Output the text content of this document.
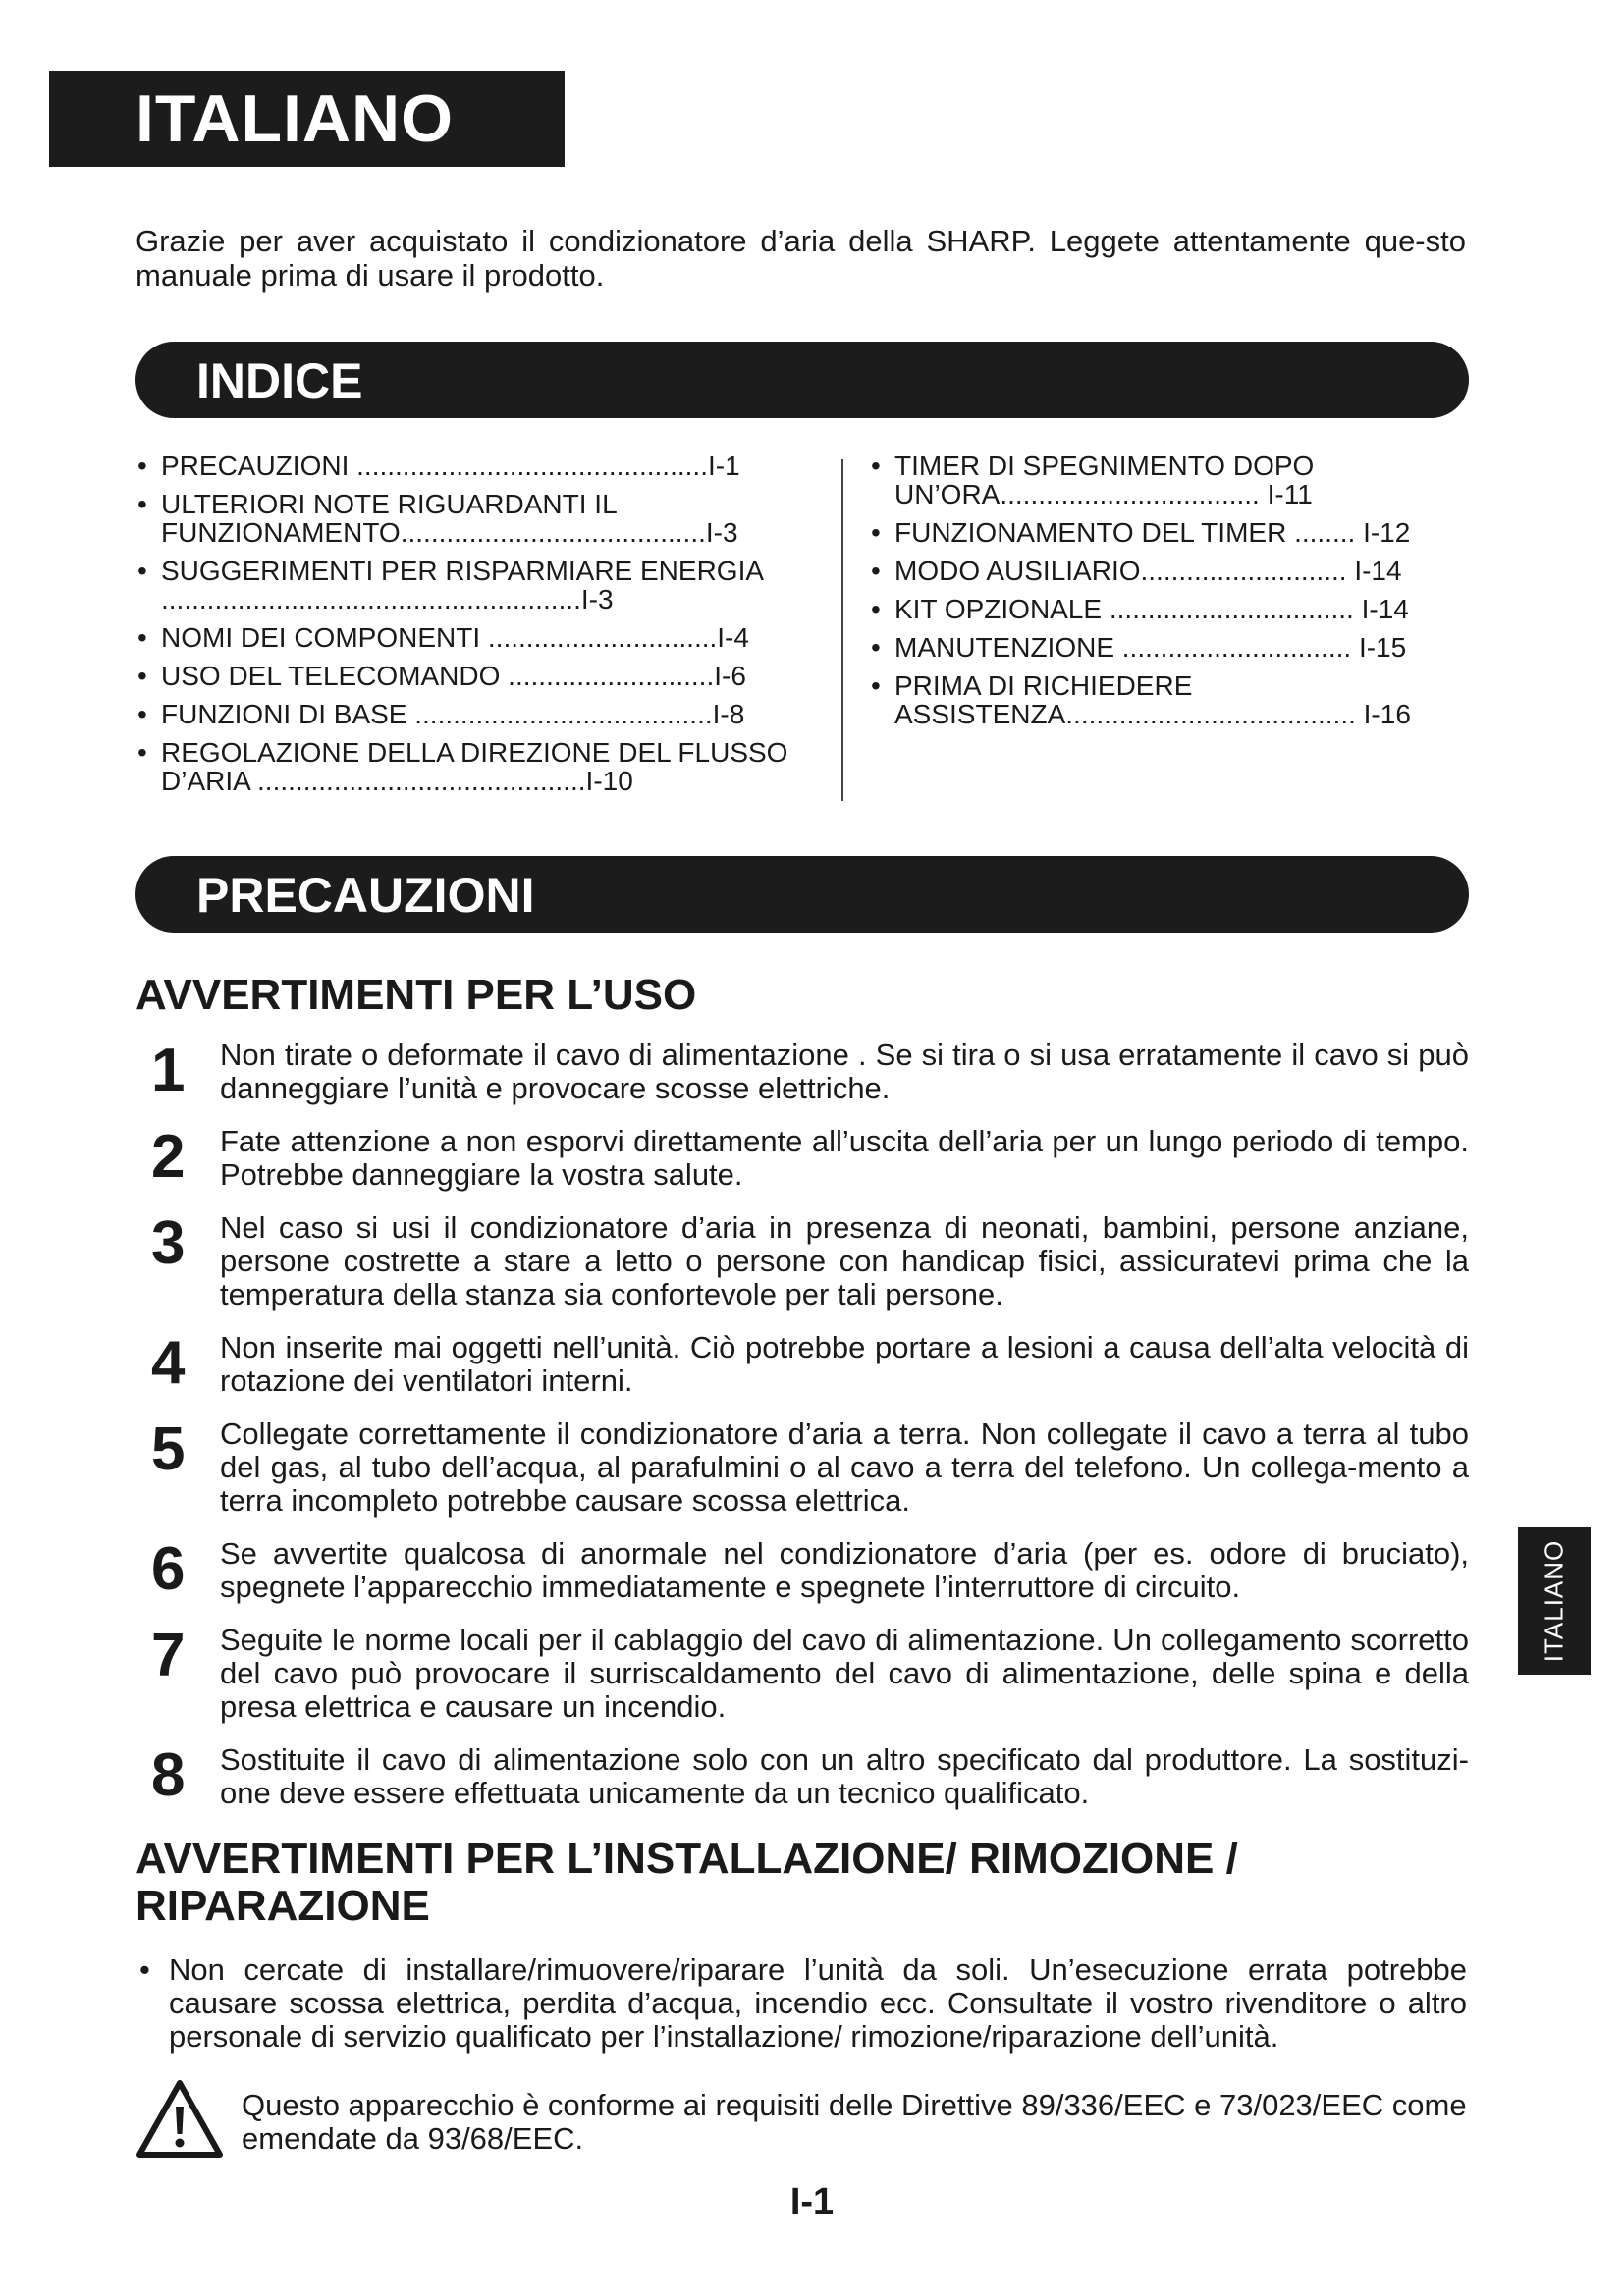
ITALIANO

Grazie per aver acquistato il condizionatore d’aria della SHARP. Leggete attentamente que-sto manuale prima di usare il prodotto.

INDICE
• PRECAUZIONI ..............................................I-1
• ULTERIORI NOTE RIGUARDANTI IL FUNZIONAMENTO........................................I-3
• SUGGERIMENTI PER RISPARMIARE ENERGIA .......................................................I-3
• NOMI DEI COMPONENTI ..............................I-4
• USO DEL TELECOMANDO ...........................I-6
• FUNZIONI DI BASE .......................................I-8
• REGOLAZIONE DELLA DIREZIONE DEL FLUSSO D’ARIA ...........................................I-10
• TIMER DI SPEGNIMENTO DOPO UN’ORA.................................. I-11
• FUNZIONAMENTO DEL TIMER ........ I-12
• MODO AUSILIARIO........................... I-14
• KIT OPZIONALE ................................ I-14
• MANUTENZIONE .............................. I-15
• PRIMA DI RICHIEDERE ASSISTENZA...................................... I-16
PRECAUZIONI
AVVERTIMENTI PER L’USO
1 Non tirate o deformate il cavo di alimentazione . Se si tira o si usa erratamente il cavo si può danneggiare l’unità e provocare scosse elettriche.
2 Fate attenzione a non esporvi direttamente all’uscita dell’aria per un lungo periodo di tempo. Potrebbe danneggiare la vostra salute.
3 Nel caso si usi il condizionatore d’aria in presenza di neonati, bambini, persone anziane, persone costrette a stare a letto o persone con handicap fisici, assicuratevi prima che la temperatura della stanza sia confortevole per tali persone.
4 Non inserite mai oggetti nell’unità. Ciò potrebbe portare a lesioni a causa dell’alta velocità di rotazione dei ventilatori interni.
5 Collegate correttamente il condizionatore d’aria a terra. Non collegate il cavo a terra al tubo del gas, al tubo dell’acqua, al parafulmini o al cavo a terra del telefono. Un collega-mento a terra incompleto potrebbe causare scossa elettrica.
6 Se avvertite qualcosa di anormale nel condizionatore d’aria (per es. odore di bruciato), spegnete l’apparecchio immediatamente e spegnete l’interruttore di circuito.
7 Seguite le norme locali per il cablaggio del cavo di alimentazione. Un collegamento scorretto del cavo può provocare il surriscaldamento del cavo di alimentazione, delle spina e della presa elettrica e causare un incendio.
8 Sostituite il cavo di alimentazione solo con un altro specificato dal produttore. La sostituzi-one deve essere effettuata unicamente da un tecnico qualificato.
AVVERTIMENTI PER L’INSTALLAZIONE/ RIMOZIONE / RIPARAZIONE

• Non cercate di installare/rimuovere/riparare l’unità da soli. Un’esecuzione errata potrebbe causare scossa elettrica, perdita d’acqua, incendio ecc. Consultate il vostro rivenditore o altro personale di servizio qualificato per l’installazione/ rimozione/riparazione dell’unità.

Questo apparecchio è conforme ai requisiti delle Direttive 89/336/EEC e 73/023/EEC come emendate da 93/68/EEC.

ITALIANO
I-1
